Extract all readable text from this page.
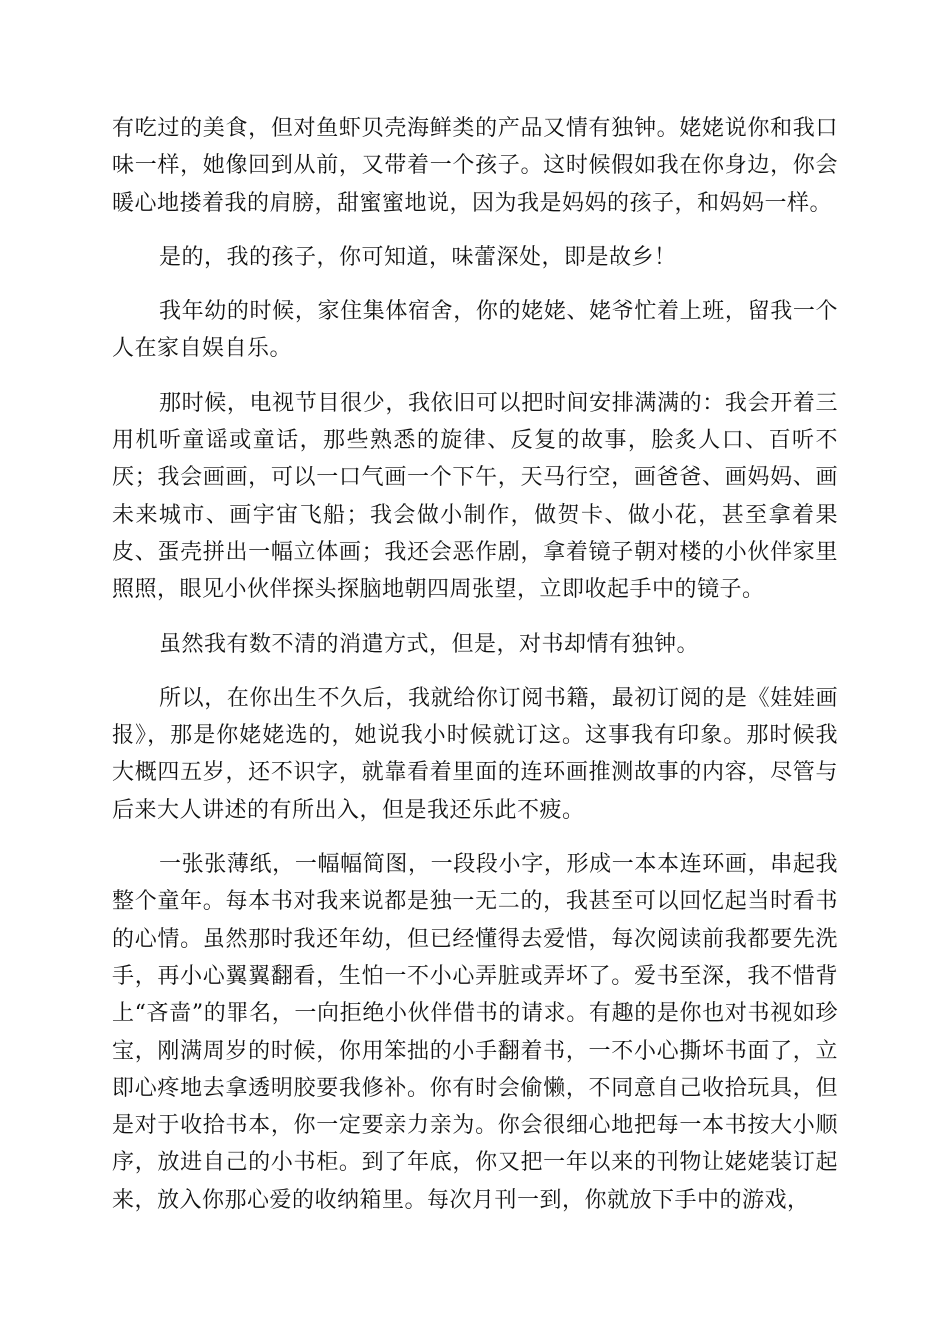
有吃过的美食，但对鱼虾贝壳海鲜类的产品又情有独钟。姥姥说你和我口味一样，她像回到从前，又带着一个孩子。这时候假如我在你身边，你会暖心地搂着我的肩膀，甜蜜蜜地说，因为我是妈妈的孩子，和妈妈一样。

是的，我的孩子，你可知道，味蕾深处，即是故乡！

我年幼的时候，家住集体宿舍，你的姥姥、姥爷忙着上班，留我一个人在家自娱自乐。

那时候，电视节目很少，我依旧可以把时间安排满满的：我会开着三用机听童谣或童话，那些熟悉的旋律、反复的故事，脍炙人口、百听不厌；我会画画，可以一口气画一个下午，天马行空，画爸爸、画妈妈、画未来城市、画宇宙飞船；我会做小制作，做贺卡、做小花，甚至拿着果皮、蛋壳拼出一幅立体画；我还会恶作剧，拿着镜子朝对楼的小伙伴家里照照，眼见小伙伴探头探脑地朝四周张望，立即收起手中的镜子。

虽然我有数不清的消遣方式，但是，对书却情有独钟。

所以，在你出生不久后，我就给你订阅书籍，最初订阅的是《娃娃画报》，那是你姥姥选的，她说我小时候就订这。这事我有印象。那时候我大概四五岁，还不识字，就靠看着里面的连环画推测故事的内容，尽管与后来大人讲述的有所出入，但是我还乐此不疲。

一张张薄纸，一幅幅简图，一段段小字，形成一本本连环画，串起我整个童年。每本书对我来说都是独一无二的，我甚至可以回忆起当时看书的心情。虽然那时我还年幼，但已经懂得去爱惜，每次阅读前我都要先洗手，再小心翼翼翻看，生怕一不小心弄脏或弄坏了。爱书至深，我不惜背上“吝啬”的罪名，一向拒绝小伙伴借书的请求。有趣的是你也对书视如珍宝，刚满周岁的时候，你用笨拙的小手翻着书，一不小心撕坏书面了，立即心疼地去拿透明胶要我修补。你有时会偷懒，不同意自己收拾玩具，但是对于收拾书本，你一定要亲力亲为。你会很细心地把每一本书按大小顺序，放进自己的小书柜。到了年底，你又把一年以来的刊物让姥姥装订起来，放入你那心爱的收纳箱里。每次月刊一到，你就放下手中的游戏，
